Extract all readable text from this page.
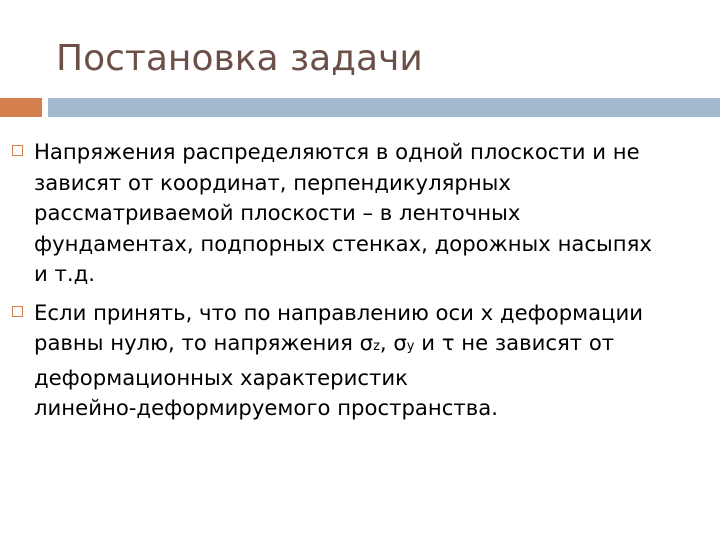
Постановка задачи
Напряжения распределяются в одной плоскости и не
зависят от координат, перпендикулярных
рассматриваемой плоскости – в ленточных
фундаментах, подпорных стенках, дорожных насыпях
и т.д.
Если принять, что по направлению оси х деформации
равны нулю, то напряжения σz, σy и τ не зависят от
деформационных характеристик
линейно-деформируемого пространства.
